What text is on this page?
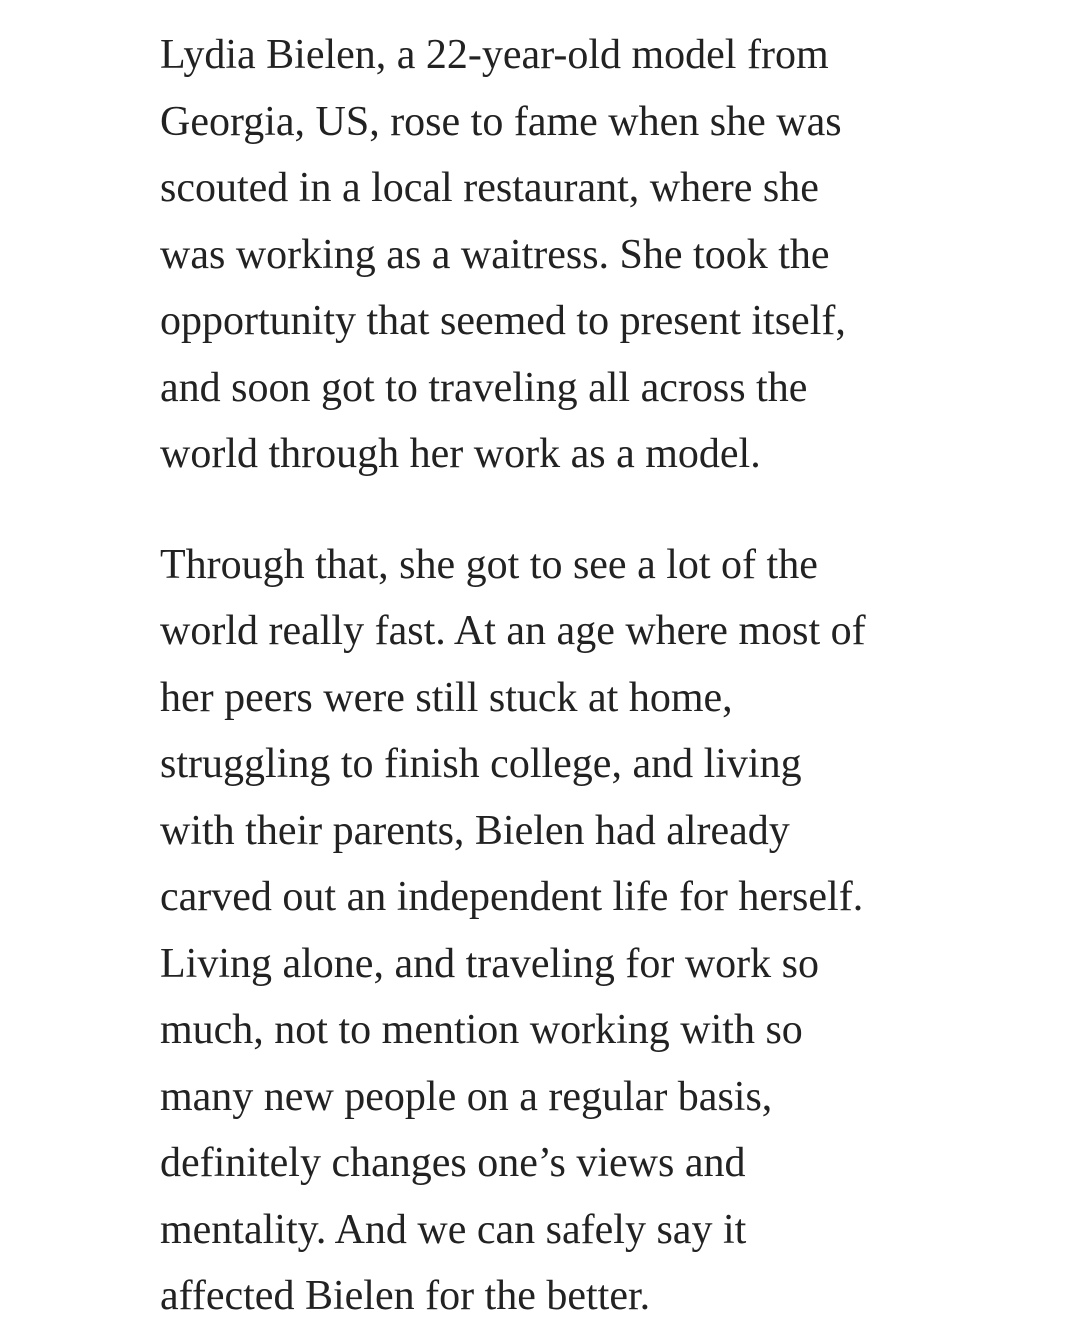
Lydia Bielen, a 22-year-old model from
Georgia, US, rose to fame when she was
scouted in a local restaurant, where she
was working as a waitress. She took the
opportunity that seemed to present itself,
and soon got to traveling all across the
world through her work as a model.
Through that, she got to see a lot of the
world really fast. At an age where most of
her peers were still stuck at home,
struggling to finish college, and living
with their parents, Bielen had already
carved out an independent life for herself.
Living alone, and traveling for work so
much, not to mention working with so
many new people on a regular basis,
definitely changes one’s views and
mentality. And we can safely say it
affected Bielen for the better.
